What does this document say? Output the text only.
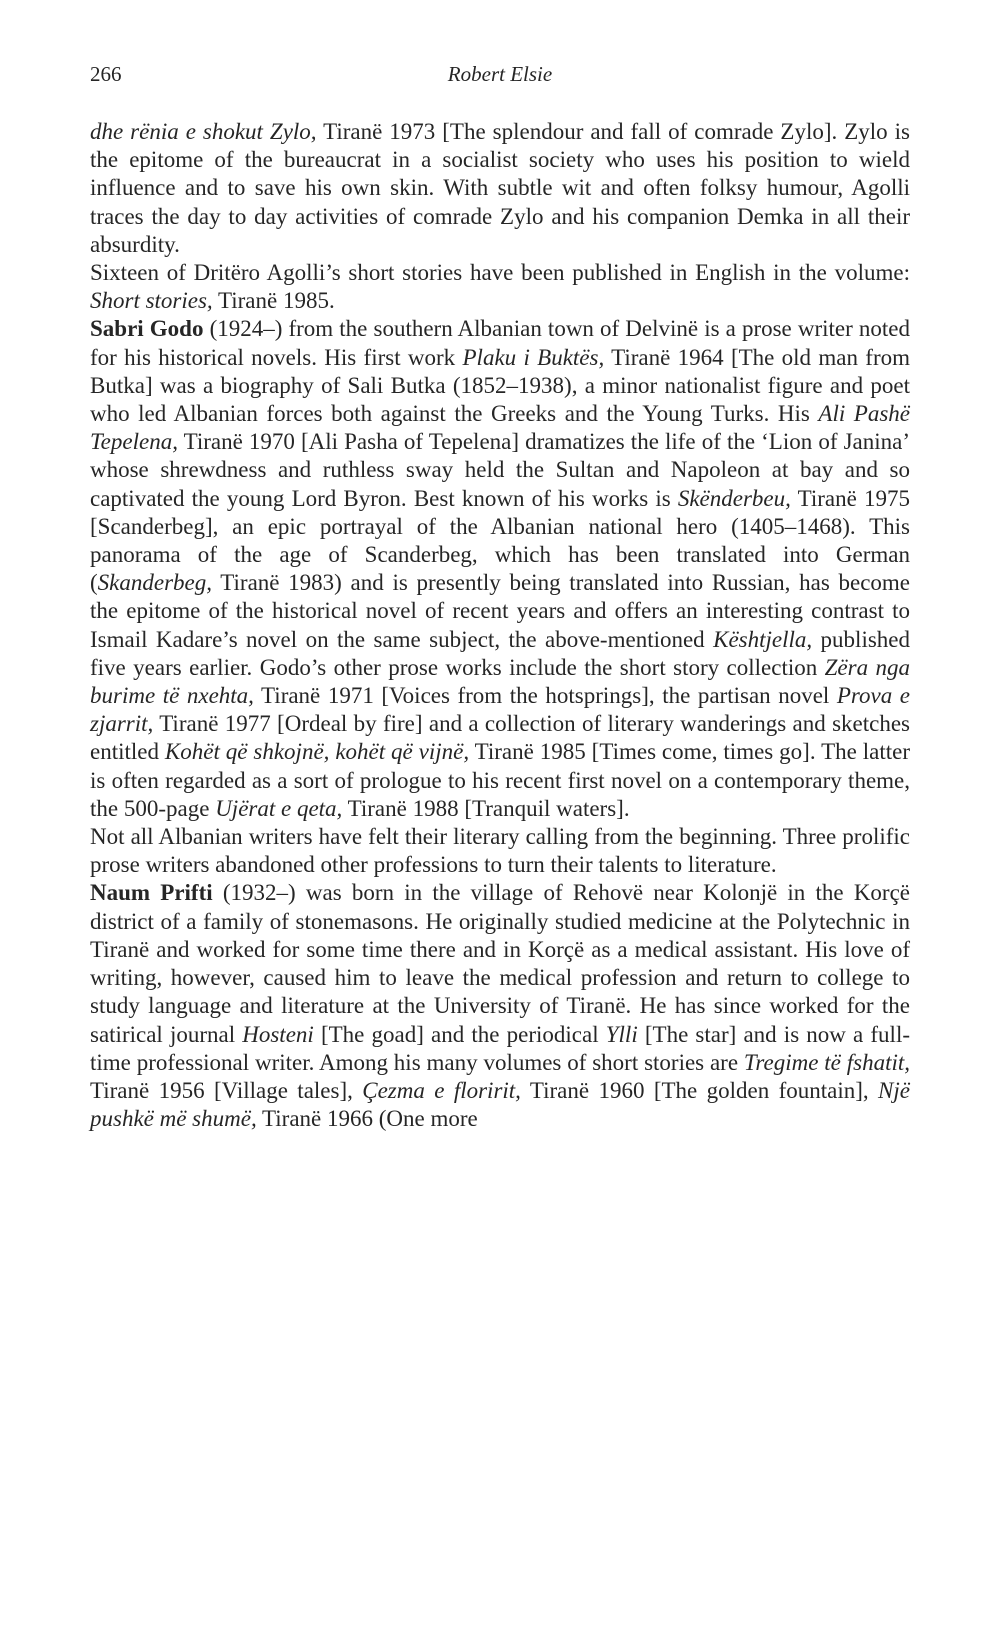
266	Robert Elsie

dhe rënia e shokut Zylo, Tiranë 1973 [The splendour and fall of comrade Zylo]. Zylo is the epitome of the bureaucrat in a socialist society who uses his position to wield influence and to save his own skin. With subtle wit and often folksy humour, Agolli traces the day to day activities of comrade Zylo and his companion Demka in all their absurdity.

Sixteen of Dritëro Agolli’s short stories have been published in English in the volume: Short stories, Tiranë 1985.

Sabri Godo (1924–) from the southern Albanian town of Delvinë is a prose writer noted for his historical novels. His first work Plaku i Buktës, Tiranë 1964 [The old man from Butka] was a biography of Sali Butka (1852–1938), a minor nationalist figure and poet who led Albanian forces both against the Greeks and the Young Turks. His Ali Pashë Tepelena, Tiranë 1970 [Ali Pasha of Tepelena] dramatizes the life of the ‘Lion of Janina’ whose shrewdness and ruthless sway held the Sultan and Napoleon at bay and so captivated the young Lord Byron. Best known of his works is Skënderbeu, Tiranë 1975 [Scanderbeg], an epic portrayal of the Albanian national hero (1405–1468). This panorama of the age of Scanderbeg, which has been translated into German (Skanderbeg, Tiranë 1983) and is presently being translated into Russian, has become the epitome of the historical novel of recent years and offers an interesting contrast to Ismail Kadare’s novel on the same subject, the above-mentioned Kështjella, published five years earlier. Godo’s other prose works include the short story collection Zëra nga burime të nxehta, Tiranë 1971 [Voices from the hotsprings], the partisan novel Prova e zjarrit, Tiranë 1977 [Ordeal by fire] and a collection of literary wanderings and sketches entitled Kohët që shkojnë, kohët që vijnë, Tiranë 1985 [Times come, times go]. The latter is often regarded as a sort of prologue to his recent first novel on a contemporary theme, the 500-page Ujërat e qeta, Tiranë 1988 [Tranquil waters].

Not all Albanian writers have felt their literary calling from the beginning. Three prolific prose writers abandoned other professions to turn their talents to literature.

Naum Prifti (1932–) was born in the village of Rehovë near Kolonjë in the Korçë district of a family of stonemasons. He originally studied medicine at the Polytechnic in Tiranë and worked for some time there and in Korçë as a medical assistant. His love of writing, however, caused him to leave the medical profession and return to college to study language and literature at the University of Tiranë. He has since worked for the satirical journal Hosteni [The goad] and the periodical Ylli [The star] and is now a full-time professional writer. Among his many volumes of short stories are Tregime të fshatit, Tiranë 1956 [Village tales], Çezma e floririt, Tiranë 1960 [The golden fountain], Një pushkë më shumë, Tiranë 1966 (One more
